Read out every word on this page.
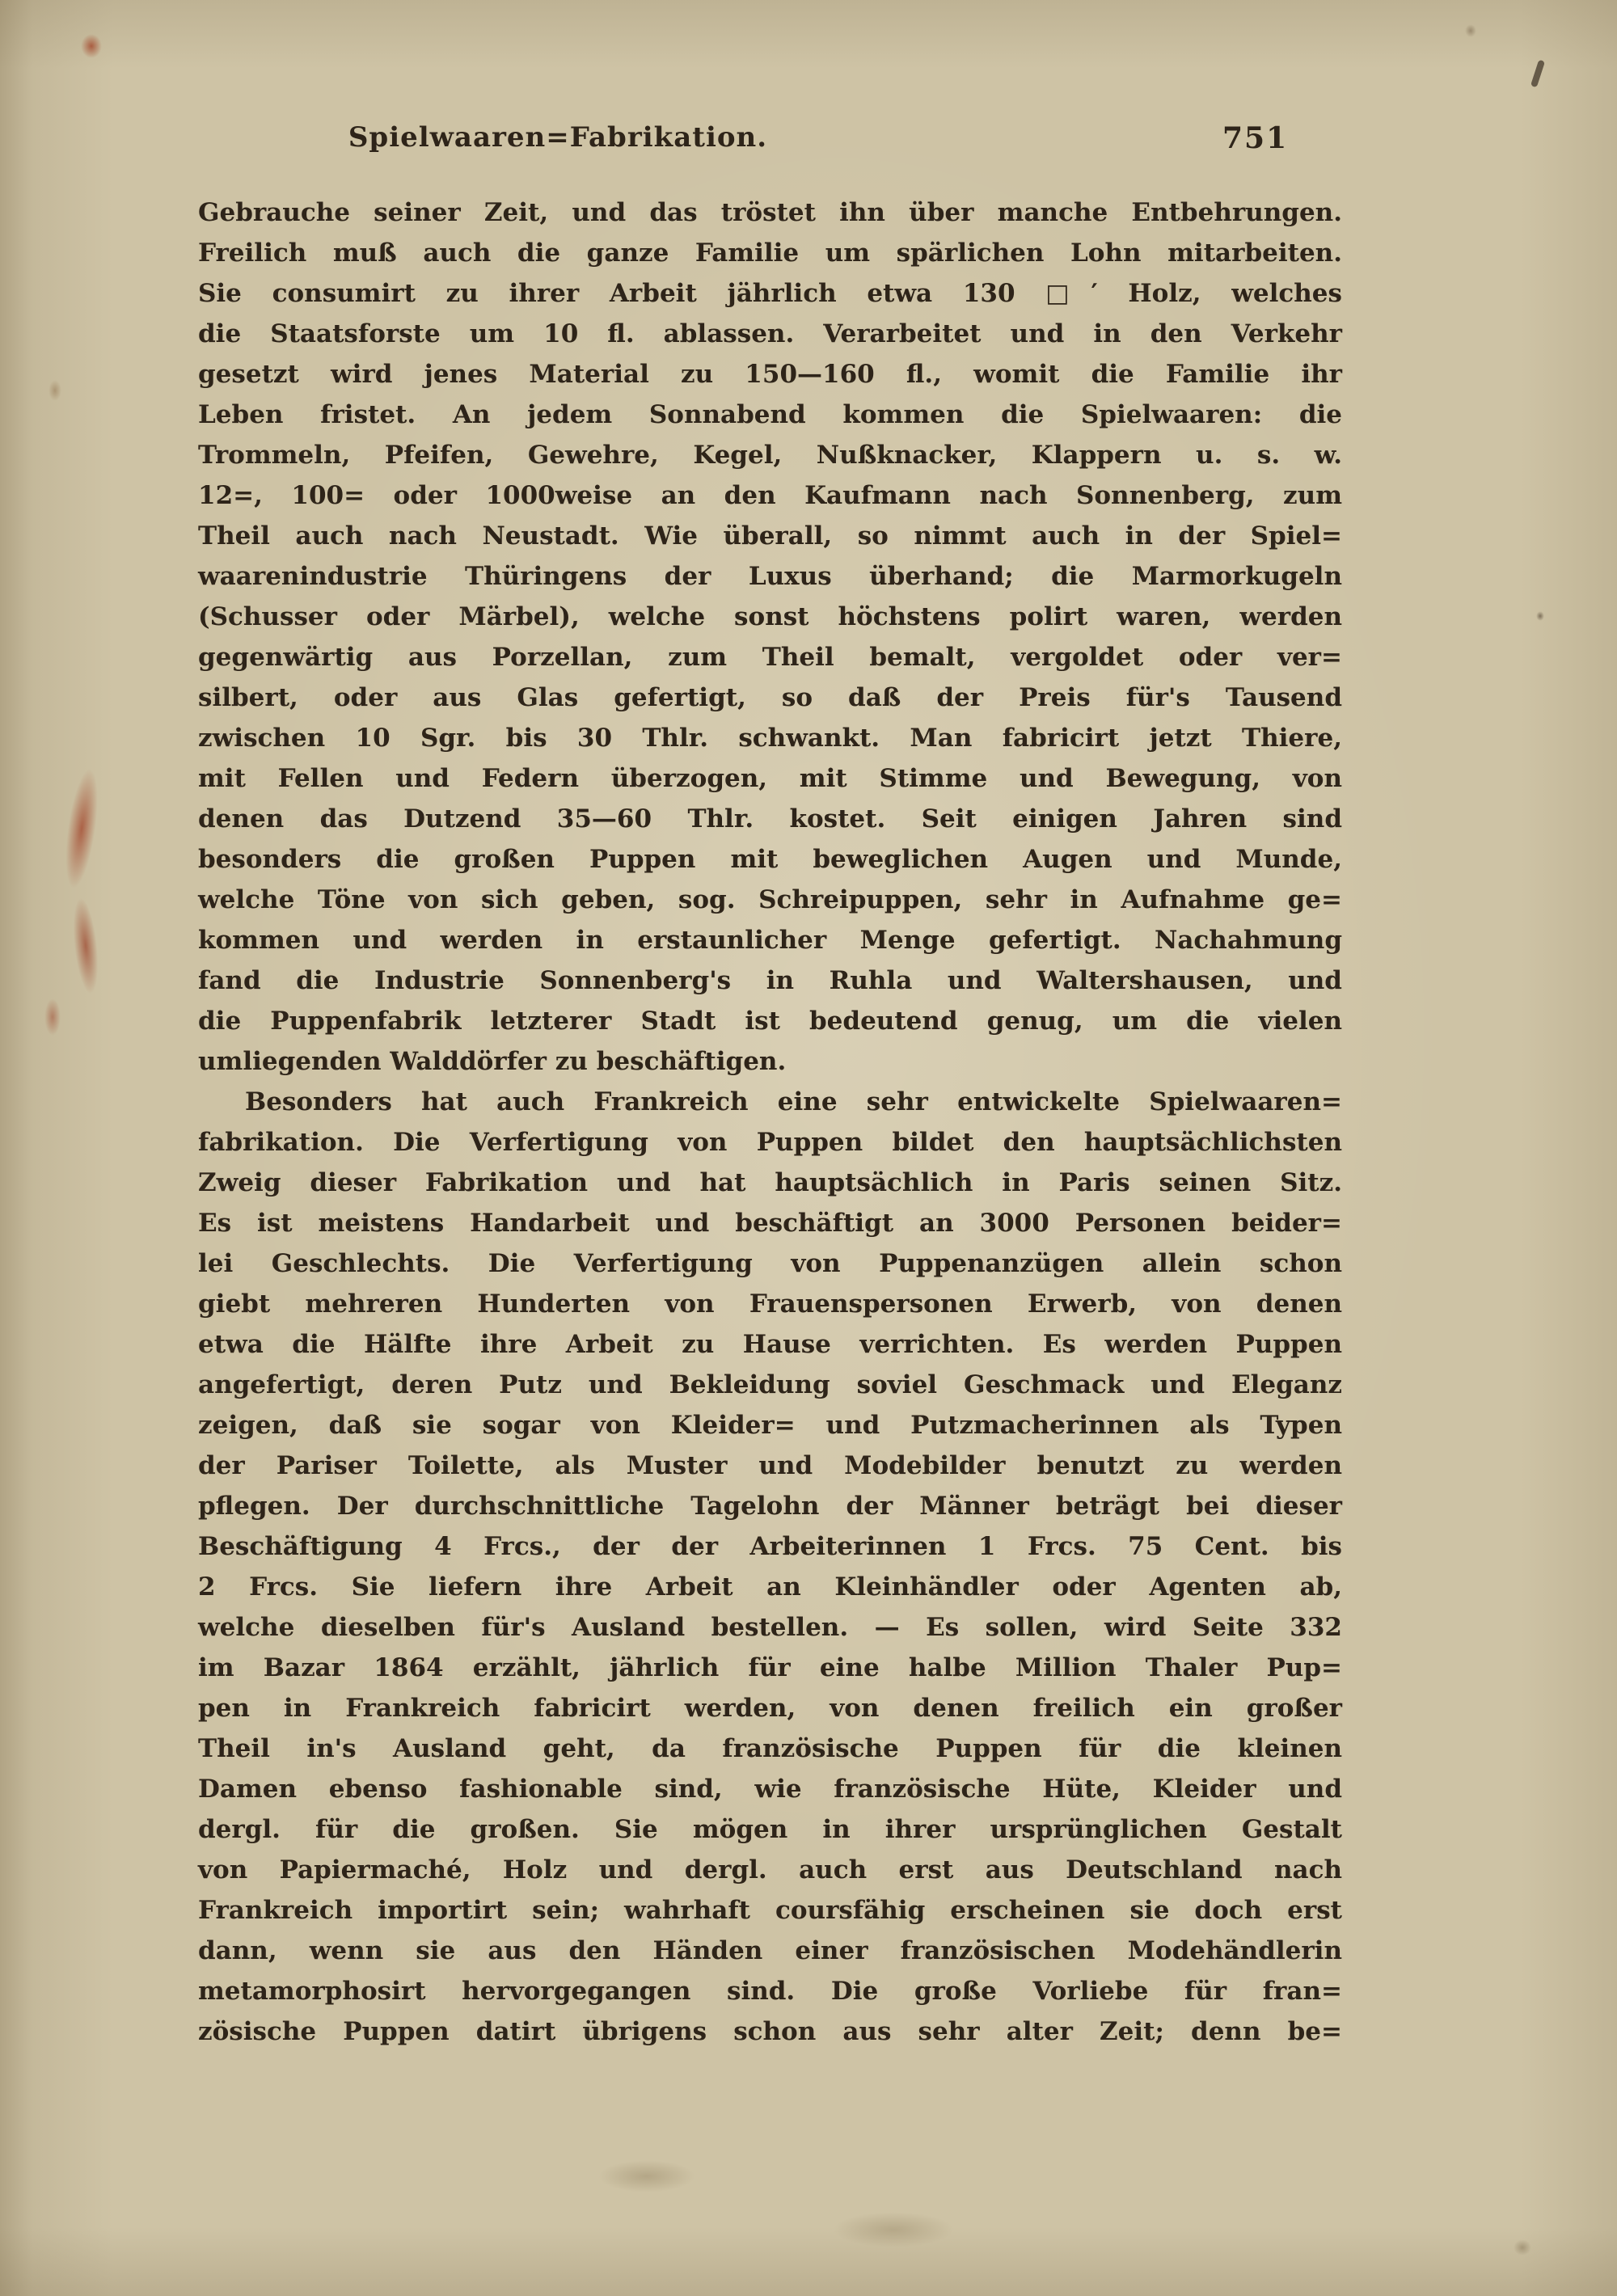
Spielwaaren=Fabrikation.	751
Gebrauche seiner Zeit, und das tröstet ihn über manche Entbehrungen.
Freilich muß auch die ganze Familie um spärlichen Lohn mitarbeiten.
Sie consumirt zu ihrer Arbeit jährlich etwa 130 □′ Holz, welches
die Staatsforste um 10 fl. ablassen. Verarbeitet und in den Verkehr
gesetzt wird jenes Material zu 150—160 fl., womit die Familie ihr
Leben fristet. An jedem Sonnabend kommen die Spielwaaren: die
Trommeln, Pfeifen, Gewehre, Kegel, Nußknacker, Klappern u. s. w.
12=, 100= oder 1000weise an den Kaufmann nach Sonnenberg, zum
Theil auch nach Neustadt. Wie überall, so nimmt auch in der Spiel=
waarenindustrie Thüringens der Luxus überhand; die Marmorkugeln
(Schusser oder Märbel), welche sonst höchstens polirt waren, werden
gegenwärtig aus Porzellan, zum Theil bemalt, vergoldet oder ver=
silbert, oder aus Glas gefertigt, so daß der Preis für's Tausend
zwischen 10 Sgr. bis 30 Thlr. schwankt. Man fabricirt jetzt Thiere,
mit Fellen und Federn überzogen, mit Stimme und Bewegung, von
denen das Dutzend 35—60 Thlr. kostet. Seit einigen Jahren sind
besonders die großen Puppen mit beweglichen Augen und Munde,
welche Töne von sich geben, sog. Schreipuppen, sehr in Aufnahme ge=
kommen und werden in erstaunlicher Menge gefertigt. Nachahmung
fand die Industrie Sonnenberg's in Ruhla und Waltershausen, und
die Puppenfabrik letzterer Stadt ist bedeutend genug, um die vielen
umliegenden Walddörfer zu beschäftigen.
Besonders hat auch Frankreich eine sehr entwickelte Spielwaaren=
fabrikation. Die Verfertigung von Puppen bildet den hauptsächlichsten
Zweig dieser Fabrikation und hat hauptsächlich in Paris seinen Sitz.
Es ist meistens Handarbeit und beschäftigt an 3000 Personen beider=
lei Geschlechts. Die Verfertigung von Puppenanzügen allein schon
giebt mehreren Hunderten von Frauenspersonen Erwerb, von denen
etwa die Hälfte ihre Arbeit zu Hause verrichten. Es werden Puppen
angefertigt, deren Putz und Bekleidung soviel Geschmack und Eleganz
zeigen, daß sie sogar von Kleider= und Putzmacherinnen als Typen
der Pariser Toilette, als Muster und Modebilder benutzt zu werden
pflegen. Der durchschnittliche Tagelohn der Männer beträgt bei dieser
Beschäftigung 4 Frcs., der der Arbeiterinnen 1 Frcs. 75 Cent. bis
2 Frcs. Sie liefern ihre Arbeit an Kleinhändler oder Agenten ab,
welche dieselben für's Ausland bestellen. — Es sollen, wird Seite 332
im Bazar 1864 erzählt, jährlich für eine halbe Million Thaler Pup=
pen in Frankreich fabricirt werden, von denen freilich ein großer
Theil in's Ausland geht, da französische Puppen für die kleinen
Damen ebenso fashionable sind, wie französische Hüte, Kleider und
dergl. für die großen. Sie mögen in ihrer ursprünglichen Gestalt
von Papiermaché, Holz und dergl. auch erst aus Deutschland nach
Frankreich importirt sein; wahrhaft coursfähig erscheinen sie doch erst
dann, wenn sie aus den Händen einer französischen Modehändlerin
metamorphosirt hervorgegangen sind. Die große Vorliebe für fran=
zösische Puppen datirt übrigens schon aus sehr alter Zeit; denn be=
